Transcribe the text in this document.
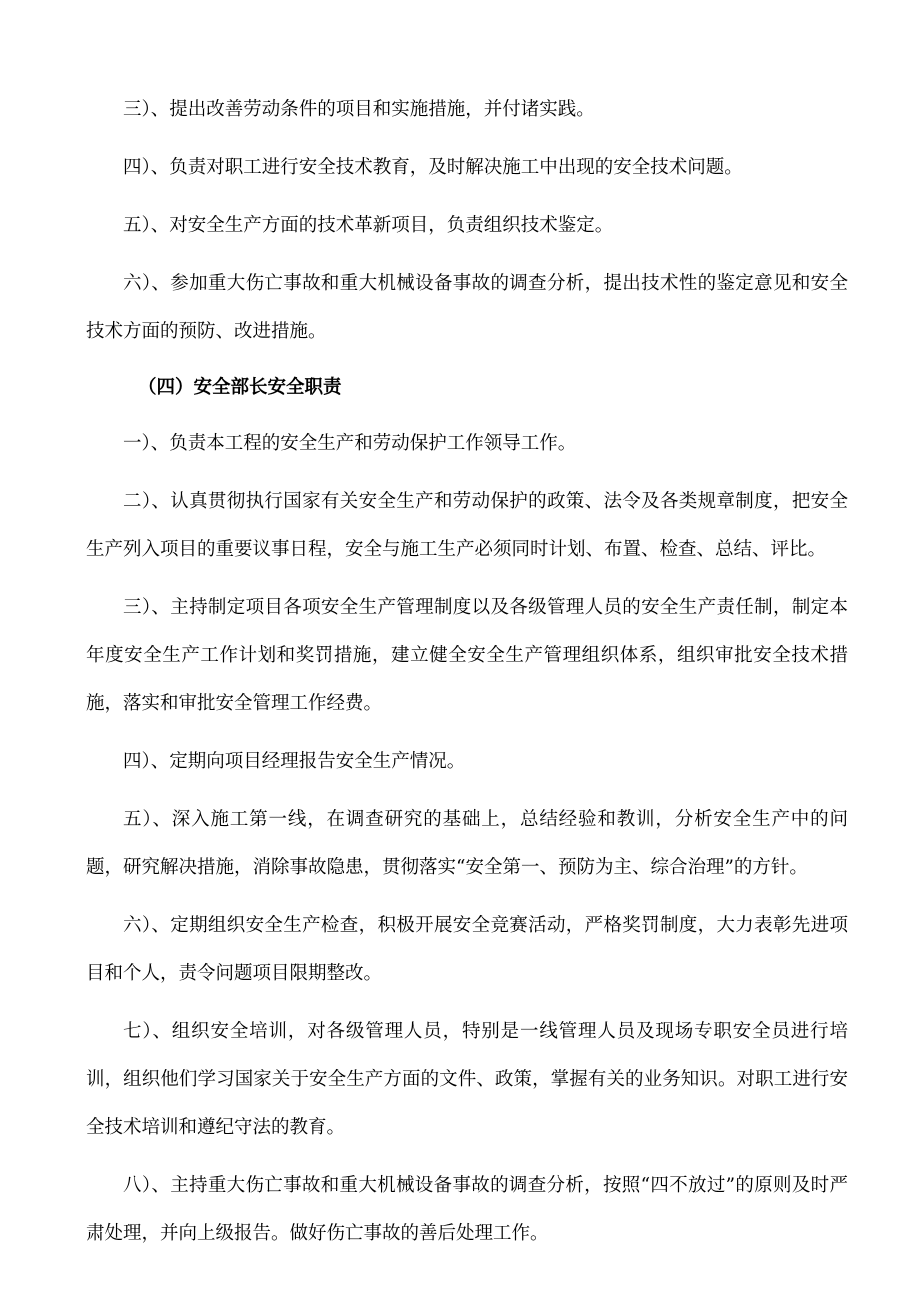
三）、提出改善劳动条件的项目和实施措施，并付诸实践。

四）、负责对职工进行安全技术教育，及时解决施工中出现的安全技术问题。

五）、对安全生产方面的技术革新项目，负责组织技术鉴定。

六）、参加重大伤亡事故和重大机械设备事故的调查分析，提出技术性的鉴定意见和安全技术方面的预防、改进措施。

（四）安全部长安全职责

一）、负责本工程的安全生产和劳动保护工作领导工作。

二）、认真贯彻执行国家有关安全生产和劳动保护的政策、法令及各类规章制度，把安全生产列入项目的重要议事日程，安全与施工生产必须同时计划、布置、检查、总结、评比。

三）、主持制定项目各项安全生产管理制度以及各级管理人员的安全生产责任制，制定本年度安全生产工作计划和奖罚措施，建立健全安全生产管理组织体系，组织审批安全技术措施，落实和审批安全管理工作经费。

四）、定期向项目经理报告安全生产情况。

五）、深入施工第一线，在调查研究的基础上，总结经验和教训，分析安全生产中的问题，研究解决措施，消除事故隐患，贯彻落实“安全第一、预防为主、综合治理”的方针。

六）、定期组织安全生产检查，积极开展安全竞赛活动，严格奖罚制度，大力表彰先进项目和个人，责令问题项目限期整改。

七）、组织安全培训，对各级管理人员，特别是一线管理人员及现场专职安全员进行培训，组织他们学习国家关于安全生产方面的文件、政策，掌握有关的业务知识。对职工进行安全技术培训和遵纪守法的教育。

八）、主持重大伤亡事故和重大机械设备事故的调查分析，按照“四不放过”的原则及时严肃处理，并向上级报告。做好伤亡事故的善后处理工作。
